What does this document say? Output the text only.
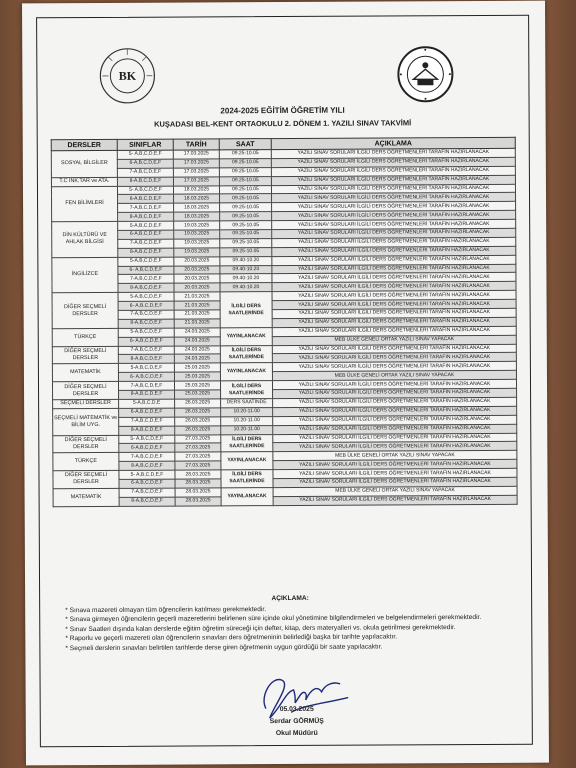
BK
2024-2025 EĞİTİM ÖĞRETİM YILI
KUŞADASI BEL-KENT ORTAOKULU 2. DÖNEM 1. YAZILI SINAV TAKVİMİ
DERSLER	SINIFLAR	TARİH	SAAT	AÇIKLAMA
SOSYAL BİLGİLER	5- A,B,C,D,E,F	17.03.2025	09.25-10.05	YAZILI SINAV SORULARI İLGİLİ DERS ÖĞRETMENLERİ TARAFIN HAZIRLANACAK
	6-A,B,C,D,E,F	17.03.2025	09.25-10.05	YAZILI SINAV SORULARI İLGİLİ DERS ÖĞRETMENLERİ TARAFIN HAZIRLANACAK
	7-A,B,C,D,E,F	17.03.2025	09.25-10.05	YAZILI SINAV SORULARI İLGİLİ DERS ÖĞRETMENLERİ TARAFIN HAZIRLANACAK
T.C İNK.TAR ve ATA.	8-A,B,C,D,E,F	17.03.2025	09.25-10.05	YAZILI SINAV SORULARI İLGİLİ DERS ÖĞRETMENLERİ TARAFIN HAZIRLANACAK
FEN BİLİMLERİ	5- A,B,C,D,E,F	18.03.2025	09.25-10.05	YAZILI SINAV SORULARI İLGİLİ DERS ÖĞRETMENLERİ TARAFIN HAZIRLANACAK
	6-A,B,C,D,E,F	18.03.2025	09.25-10.05	YAZILI SINAV SORULARI İLGİLİ DERS ÖĞRETMENLERİ TARAFIN HAZIRLANACAK
	7-A,B,C,D,E,F	18.03.2025	09.25-10.05	YAZILI SINAV SORULARI İLGİLİ DERS ÖĞRETMENLERİ TARAFIN HAZIRLANACAK
	8-A,B,C,D,E,F	18.03.2025	09.25-10.05	YAZILI SINAV SORULARI İLGİLİ DERS ÖĞRETMENLERİ TARAFIN HAZIRLANACAK
DİN KÜLTÜRÜ VE AHLAK BİLGİSİ	5-A,B,C,D,E,F	19.03.2025	09.25-10.05	YAZILI SINAV SORULARI İLGİLİ DERS ÖĞRETMENLERİ TARAFIN HAZIRLANACAK
	6-A,B,C,D,E,F	19.03.2025	09.25-10.05	YAZILI SINAV SORULARI İLGİLİ DERS ÖĞRETMENLERİ TARAFIN HAZIRLANACAK
	7-A,B,C,D,E,F	19.03.2025	09.25-10.05	YAZILI SINAV SORULARI İLGİLİ DERS ÖĞRETMENLERİ TARAFIN HAZIRLANACAK
	8-A,B,C,D,E,F	19.03.2025	09.25-10.05	YAZILI SINAV SORULARI İLGİLİ DERS ÖĞRETMENLERİ TARAFIN HAZIRLANACAK
İNGİLİZCE	5-A,B,C,D,E,F	20.03.2025	09.40-10.20	YAZILI SINAV SORULARI İLGİLİ DERS ÖĞRETMENLERİ TARAFIN HAZIRLANACAK
	6- A,B,C,D,E,F	20.03.2025	09.40-10.20	YAZILI SINAV SORULARI İLGİLİ DERS ÖĞRETMENLERİ TARAFIN HAZIRLANACAK
	7-A,B,C,D,E,F	20.03.2025	09.40-10.20	YAZILI SINAV SORULARI İLGİLİ DERS ÖĞRETMENLERİ TARAFIN HAZIRLANACAK
	8-A,B,C,D,E,F	20.03.2025	09.40-10.20	YAZILI SINAV SORULARI İLGİLİ DERS ÖĞRETMENLERİ TARAFIN HAZIRLANACAK
DİĞER SEÇMELİ DERSLER	5-A,B,C,D,E,F	21.03.2025	İLGİLİ DERS SAATLERİNDE	YAZILI SINAV SORULARI İLGİLİ DERS ÖĞRETMENLERİ TARAFIN HAZIRLANACAK
	6- A,B,C,D,E,F	21.03.2025		YAZILI SINAV SORULARI İLGİLİ DERS ÖĞRETMENLERİ TARAFIN HAZIRLANACAK
	7-A,B,C,D,E,F	21.03.2025		YAZILI SINAV SORULARI İLGİLİ DERS ÖĞRETMENLERİ TARAFIN HAZIRLANACAK
	8-A,B,C,D,E,F	21.03.2025		YAZILI SINAV SORULARI İLGİLİ DERS ÖĞRETMENLERİ TARAFIN HAZIRLANACAK
TÜRKÇE	5-A,B,C,D,E,F	24.03.2025	YAYINLANACAK	YAZILI SINAV SORULARI İLGİLİ DERS ÖĞRETMENLERİ TARAFIN HAZIRLANACAK
	6- A,B,C,D,E,F	24.03.2025		MEB ÜLKE GENELİ ORTAK YAZILI SINAV YAPACAK
DİĞER SEÇMELİ DERSLER	7-A,B,C,D,E,F	24.03.2025	İLGİLİ DERS SAATLERİNDE	YAZILI SINAV SORULARI İLGİLİ DERS ÖĞRETMENLERİ TARAFIN HAZIRLANACAK
	8-A,B,C,D,E,F	24.03.2025		YAZILI SINAV SORULARI İLGİLİ DERS ÖĞRETMENLERİ TARAFIN HAZIRLANACAK
MATEMATİK	5-A,B,C,D,E,F	25.03.2025	YAYINLANACAK	YAZILI SINAV SORULARI İLGİLİ DERS ÖĞRETMENLERİ TARAFIN HAZIRLANACAK
	6- A,B,C,D,E,F	25.03.2025		MEB ÜLKE GENELİ ORTAK YAZILI SINAV YAPACAK
DİĞER SEÇMELİ DERSLER	7-A,B,C,D,E,F	25.03.2025	İLGİLİ DERS SAATLERİNDE	YAZILI SINAV SORULARI İLGİLİ DERS ÖĞRETMENLERİ TARAFIN HAZIRLANACAK
	8-A,B,C,D,E,F	25.03.2025		YAZILI SINAV SORULARI İLGİLİ DERS ÖĞRETMENLERİ TARAFIN HAZIRLANACAK
SEÇMELİ DERSLER	5-A,B,C,D,E	26.03.2025	DERS SAATİNDE	YAZILI SINAV SORULARI İLGİLİ DERS ÖĞRETMENLERİ TARAFIN HAZIRLANACAK
SEÇMELİ MATEMATİK ve BİLİM UYG.	6-A,B,C,D,E,F	26.03.2025	10.20-11.00	YAZILI SINAV SORULARI İLGİLİ DERS ÖĞRETMENLERİ TARAFIN HAZIRLANACAK
	7-A,B,C,D,E,F	26.03.2025	10.20-11.00	YAZILI SINAV SORULARI İLGİLİ DERS ÖĞRETMENLERİ TARAFIN HAZIRLANACAK
	8-A,B,C,D,E,F	26.03.2025	10.20-11.00	YAZILI SINAV SORULARI İLGİLİ DERS ÖĞRETMENLERİ TARAFIN HAZIRLANACAK
DİĞER SEÇMELİ DERSLER	5- A,B,C,D,E,F	27.03.2025	İLGİLİ DERS SAATLERİNDE	YAZILI SINAV SORULARI İLGİLİ DERS ÖĞRETMENLERİ TARAFIN HAZIRLANACAK
	6-A,B,C,D,E,F	27.03.2025		YAZILI SINAV SORULARI İLGİLİ DERS ÖĞRETMENLERİ TARAFIN HAZIRLANACAK
TÜRKÇE	7-A,B,C,D,E,F	27.03.2025	YAYINLANACAK	MEB ÜLKE GENELİ ORTAK YAZILI SINAV YAPACAK
	8-A,B,C,D,E,F	27.03.2025		YAZILI SINAV SORULARI İLGİLİ DERS ÖĞRETMENLERİ TARAFIN HAZIRLANACAK
DİĞER SEÇMELİ DERSLER	5- A,B,C,D,E,F	28.03.2025	İLGİLİ DERS SAATLERİNDE	YAZILI SINAV SORULARI İLGİLİ DERS ÖĞRETMENLERİ TARAFIN HAZIRLANACAK
	6-A,B,C,D,E,F	28.03.2025		YAZILI SINAV SORULARI İLGİLİ DERS ÖĞRETMENLERİ TARAFIN HAZIRLANACAK
MATEMATİK	7-A,B,C,D,E,F	28.03.2025	YAYINLANACAK	MEB ÜLKE GENELİ ORTAK YAZILI SINAV YAPACAK
	8-A,B,C,D,E,F	28.03.2025		YAZILI SINAV SORULARI İLGİLİ DERS ÖĞRETMENLERİ TARAFIN HAZIRLANACAK
AÇIKLAMA:
* Sınava mazereti olmayan tüm öğrencilerin katılması gerekmektedir.
* Sınava girmeyen öğrencilerin geçerli mazeretlerini belirlenen süre içinde okul yönetimine bilgilendirmeleri ve belgelendirmeleri gerekmektedir.
* Sınav Saatleri dışında kalan derslerde eğitim öğretim süreceği için defter, kitap, ders materyalleri vs. okula getirilmesi gerekmektedir.
* Raporlu ve geçerli mazereti olan öğrencilerin sınavları ders öğretmeninin belirlediği başka bir tarihte yapılacaktır.
* Seçmeli derslerin sınavları belirtilen tarihlerde derse giren öğretmenin uygun gördüğü bir saate yapılacaktır.
05.03.2025
Serdar GÖRMÜŞ
Okul Müdürü
